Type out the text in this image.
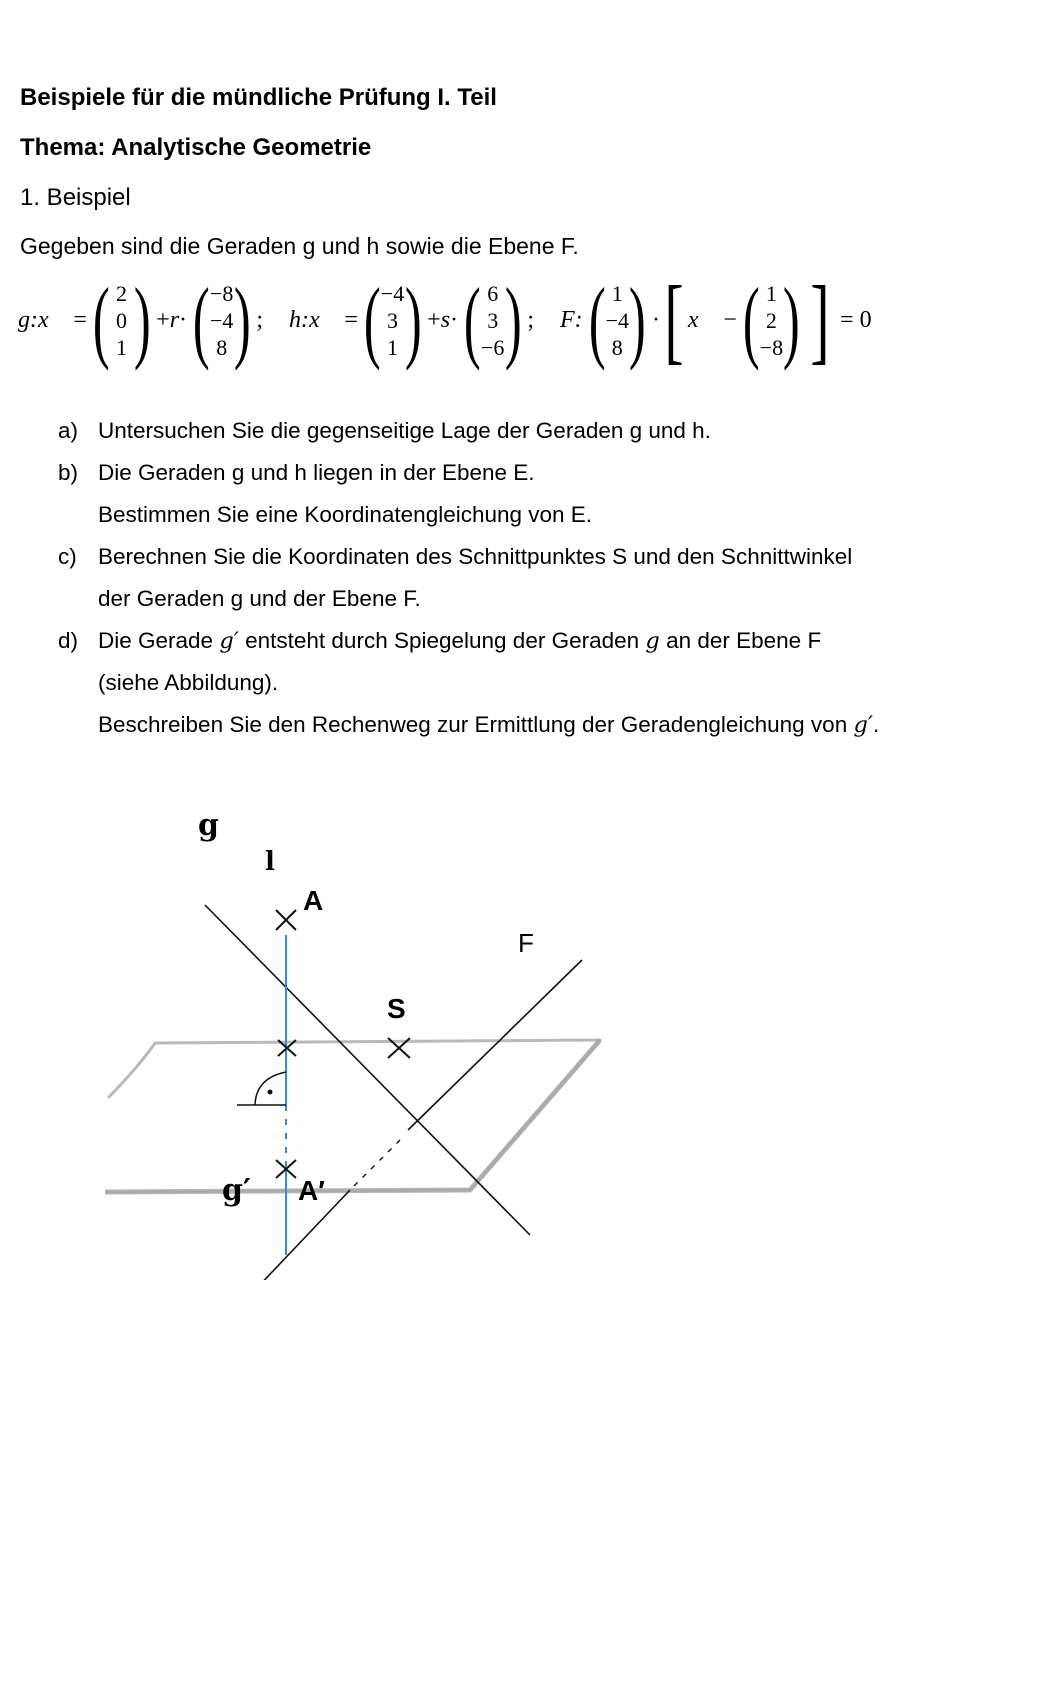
Beispiele für die mündliche Prüfung I. Teil
Thema: Analytische Geometrie
1. Beispiel
Gegeben sind die Geraden g und h sowie die Ebene F.
g: x⃗ = ( 2
0
1 ) + r · ( −8
−4
8 ) ; h: x⃗ = ( −4
3
1 ) + s · ( 6
3
−6 ) ; F: ( 1
−4
8 ) · [ x⃗ − ( 1
2
−8 ) ] = 0
a) Untersuchen Sie die gegenseitige Lage der Geraden g und h.
b) Die Geraden g und h liegen in der Ebene E.
Bestimmen Sie eine Koordinatengleichung von E.
c) Berechnen Sie die Koordinaten des Schnittpunktes S und den Schnittwinkel
der Geraden g und der Ebene F.
d) Die Gerade g′ entsteht durch Spiegelung der Geraden g an der Ebene F
(siehe Abbildung).
Beschreiben Sie den Rechenweg zur Ermittlung der Geradengleichung von g′.
g
l
A
F
S
g′ A′
